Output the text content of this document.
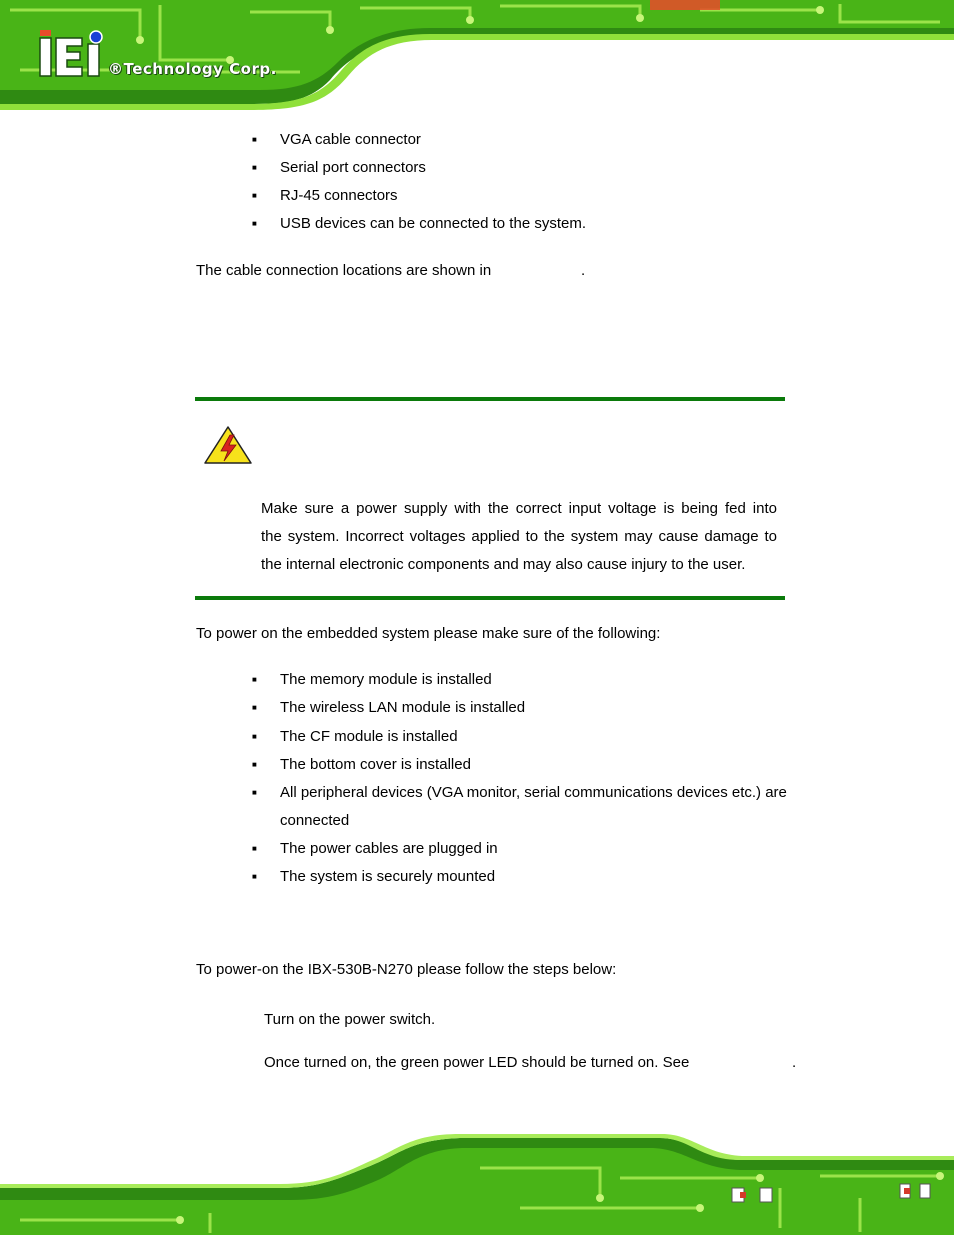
®Technology Corp.
■ VGA cable connector
■ Serial port connectors
■ RJ-45 connectors
■ USB devices can be connected to the system.
The cable connection locations are shown in	.
Make sure a power supply with the correct input voltage is being fed into
the system. Incorrect voltages applied to the system may cause damage to
the internal electronic components and may also cause injury to the user.
To power on the embedded system please make sure of the following:
■ The memory module is installed
■ The wireless LAN module is installed
■ The CF module is installed
■ The bottom cover is installed
■ All peripheral devices (VGA monitor, serial communications devices etc.) are
connected
■ The power cables are plugged in
■ The system is securely mounted
To power-on the IBX-530B-N270 please follow the steps below:
Turn on the power switch.
Once turned on, the green power LED should be turned on. See	.
